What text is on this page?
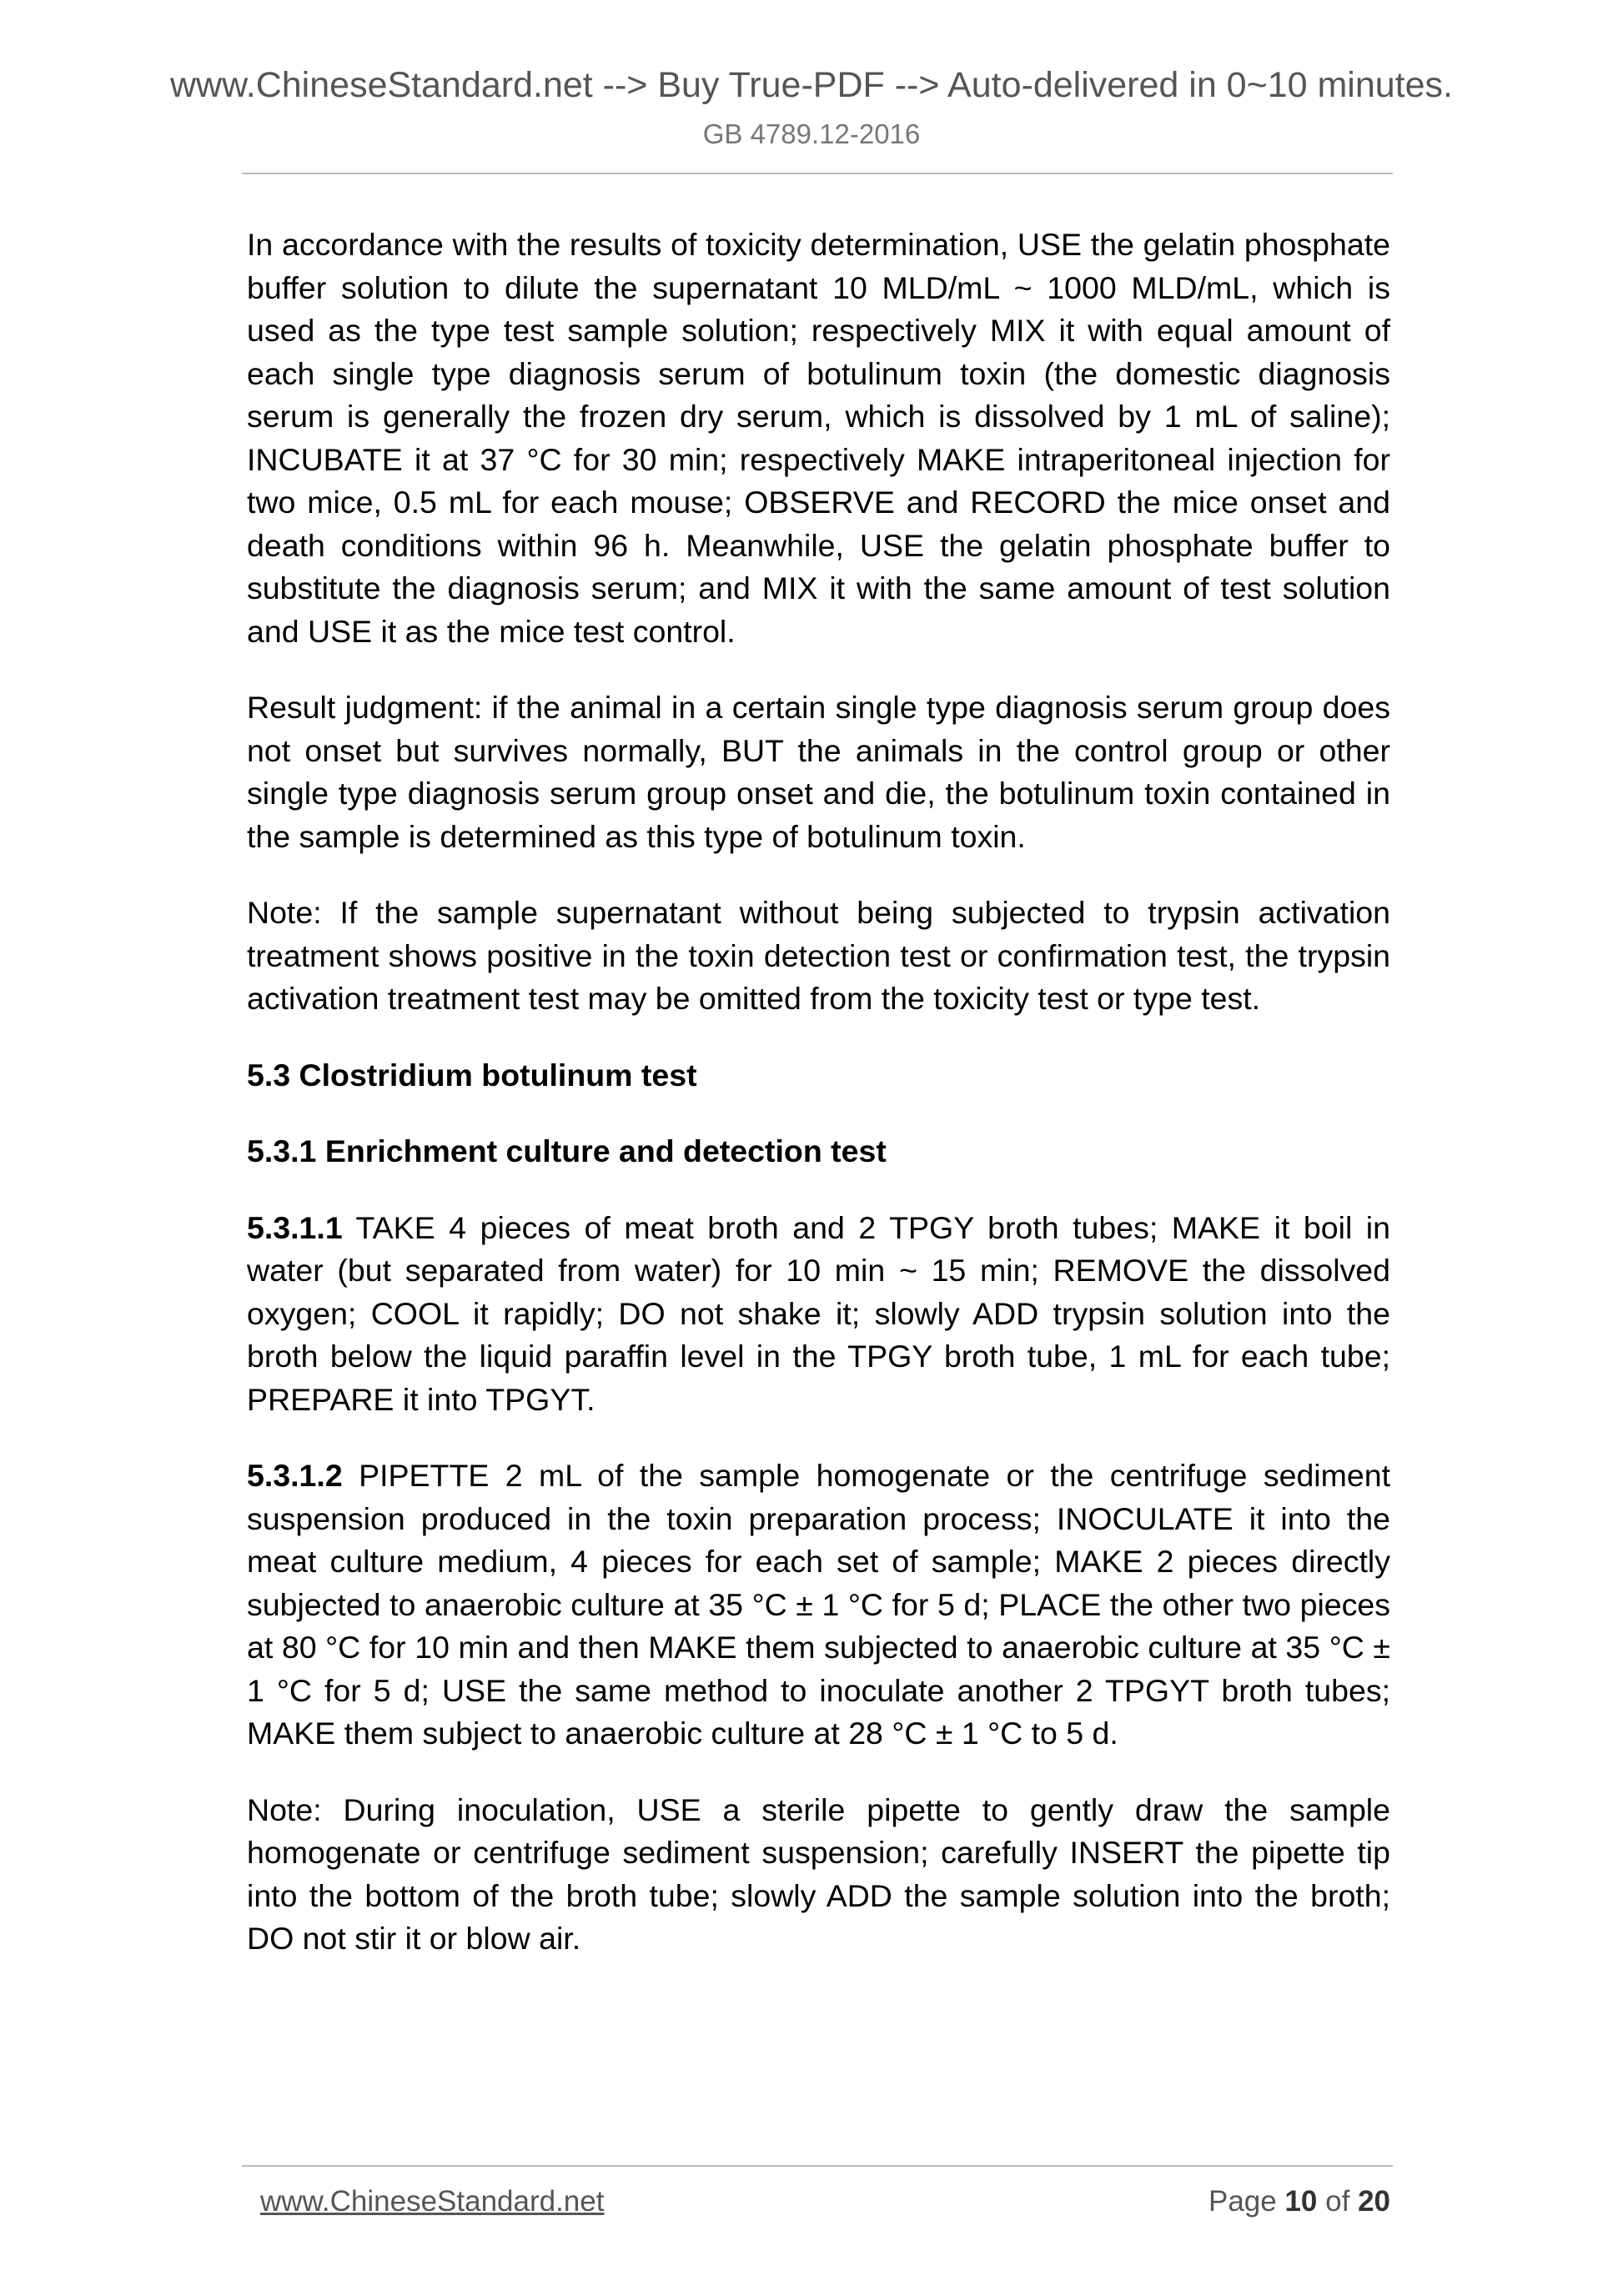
www.ChineseStandard.net --> Buy True-PDF --> Auto-delivered in 0~10 minutes.
GB 4789.12-2016

In accordance with the results of toxicity determination, USE the gelatin phosphate buffer solution to dilute the supernatant 10 MLD/mL ~ 1000 MLD/mL, which is used as the type test sample solution; respectively MIX it with equal amount of each single type diagnosis serum of botulinum toxin (the domestic diagnosis serum is generally the frozen dry serum, which is dissolved by 1 mL of saline); INCUBATE it at 37 °C for 30 min; respectively MAKE intraperitoneal injection for two mice, 0.5 mL for each mouse; OBSERVE and RECORD the mice onset and death conditions within 96 h. Meanwhile, USE the gelatin phosphate buffer to substitute the diagnosis serum; and MIX it with the same amount of test solution and USE it as the mice test control.

Result judgment: if the animal in a certain single type diagnosis serum group does not onset but survives normally, BUT the animals in the control group or other single type diagnosis serum group onset and die, the botulinum toxin contained in the sample is determined as this type of botulinum toxin.

Note: If the sample supernatant without being subjected to trypsin activation treatment shows positive in the toxin detection test or confirmation test, the trypsin activation treatment test may be omitted from the toxicity test or type test.

5.3 Clostridium botulinum test
5.3.1 Enrichment culture and detection test

5.3.1.1 TAKE 4 pieces of meat broth and 2 TPGY broth tubes; MAKE it boil in water (but separated from water) for 10 min ~ 15 min; REMOVE the dissolved oxygen; COOL it rapidly; DO not shake it; slowly ADD trypsin solution into the broth below the liquid paraffin level in the TPGY broth tube, 1 mL for each tube; PREPARE it into TPGYT.

5.3.1.2 PIPETTE 2 mL of the sample homogenate or the centrifuge sediment suspension produced in the toxin preparation process; INOCULATE it into the meat culture medium, 4 pieces for each set of sample; MAKE 2 pieces directly subjected to anaerobic culture at 35 °C ± 1 °C for 5 d; PLACE the other two pieces at 80 °C for 10 min and then MAKE them subjected to anaerobic culture at 35 °C ± 1 °C for 5 d; USE the same method to inoculate another 2 TPGYT broth tubes; MAKE them subject to anaerobic culture at 28 °C ± 1 °C to 5 d.

Note: During inoculation, USE a sterile pipette to gently draw the sample homogenate or centrifuge sediment suspension; carefully INSERT the pipette tip into the bottom of the broth tube; slowly ADD the sample solution into the broth; DO not stir it or blow air.

www.ChineseStandard.net	Page 10 of 20
